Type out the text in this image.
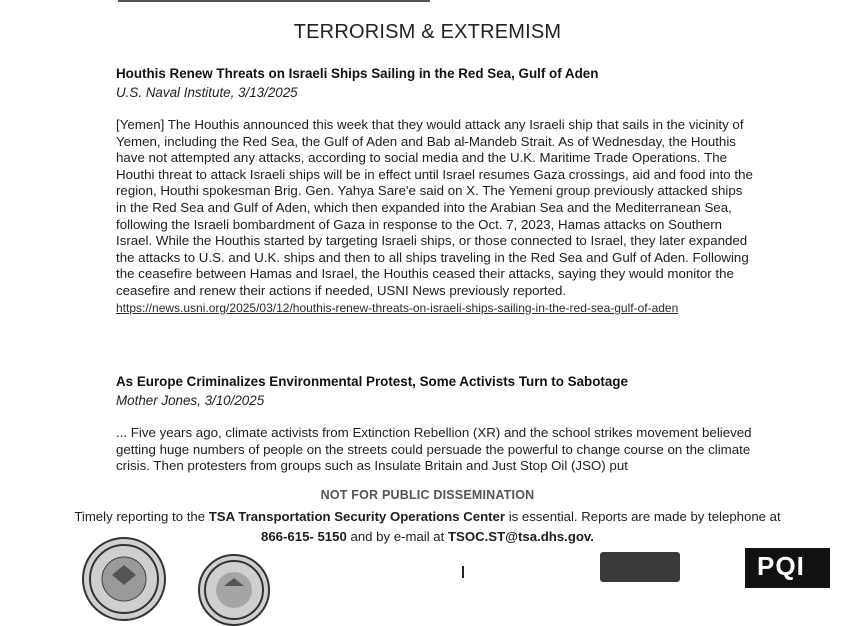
TERRORISM & EXTREMISM
Houthis Renew Threats on Israeli Ships Sailing in the Red Sea, Gulf of Aden
U.S. Naval Institute, 3/13/2025
[Yemen] The Houthis announced this week that they would attack any Israeli ship that sails in the vicinity of Yemen, including the Red Sea, the Gulf of Aden and Bab al-Mandeb Strait. As of Wednesday, the Houthis have not attempted any attacks, according to social media and the U.K. Maritime Trade Operations. The Houthi threat to attack Israeli ships will be in effect until Israel resumes Gaza crossings, aid and food into the region, Houthi spokesman Brig. Gen. Yahya Sare'e said on X. The Yemeni group previously attacked ships in the Red Sea and Gulf of Aden, which then expanded into the Arabian Sea and the Mediterranean Sea, following the Israeli bombardment of Gaza in response to the Oct. 7, 2023, Hamas attacks on Southern Israel. While the Houthis started by targeting Israeli ships, or those connected to Israel, they later expanded the attacks to U.S. and U.K. ships and then to all ships traveling in the Red Sea and Gulf of Aden. Following the ceasefire between Hamas and Israel, the Houthis ceased their attacks, saying they would monitor the ceasefire and renew their actions if needed, USNI News previously reported. https://news.usni.org/2025/03/12/houthis-renew-threats-on-israeli-ships-sailing-in-the-red-sea-gulf-of-aden
As Europe Criminalizes Environmental Protest, Some Activists Turn to Sabotage
Mother Jones, 3/10/2025
... Five years ago, climate activists from Extinction Rebellion (XR) and the school strikes movement believed getting huge numbers of people on the streets could persuade the powerful to change course on the climate crisis. Then protesters from groups such as Insulate Britain and Just Stop Oil (JSO) put
NOT FOR PUBLIC DISSEMINATION
Timely reporting to the TSA Transportation Security Operations Center is essential. Reports are made by telephone at
866-615- 5150 and by e-mail at TSOC.ST@tsa.dhs.gov.
PQI
